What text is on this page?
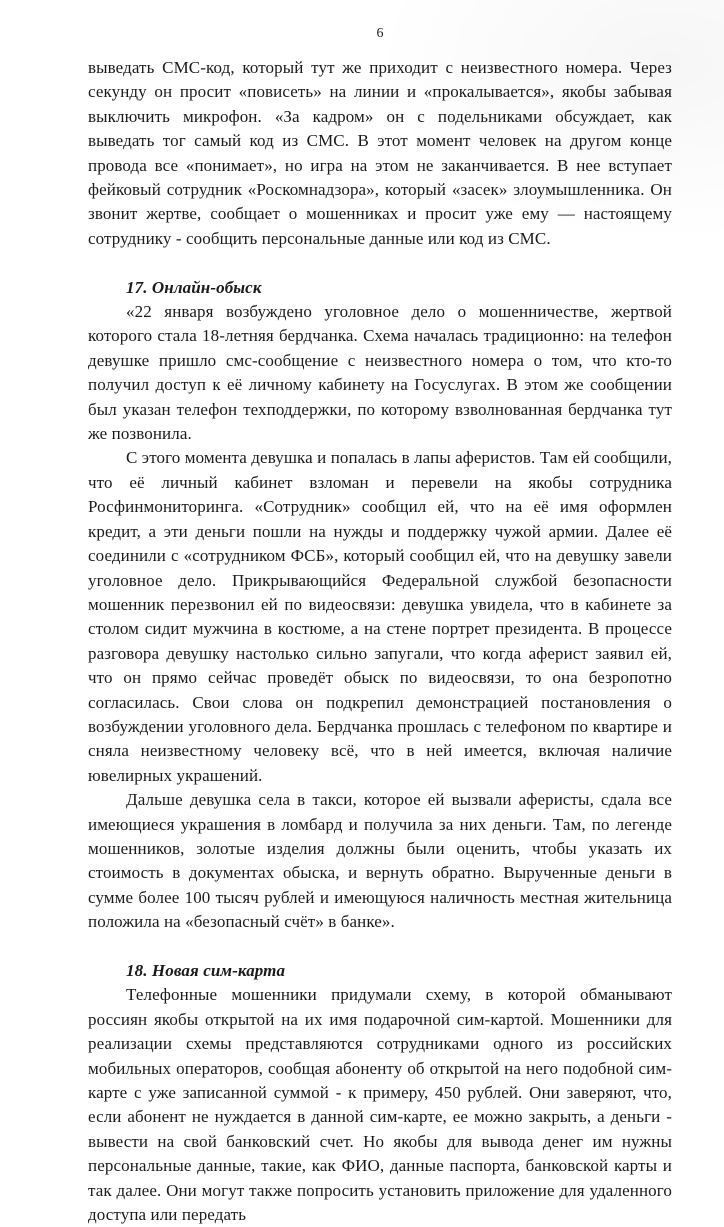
6

выведать СМС-код, который тут же приходит с неизвестного номера. Через секунду он просит «повисеть» на линии и «прокалывается», якобы забывая выключить микрофон. «За кадром» он с подельниками обсуждает, как выведать тог самый код из СМС. В этот момент человек на другом конце провода все «понимает», но игра на этом не заканчивается. В нее вступает фейковый сотрудник «Роскомнадзора», который «засек» злоумышленника. Он звонит жертве, сообщает о мошенниках и просит уже ему — настоящему сотруднику - сообщить персональные данные или код из СМС.

17. Онлайн-обыск

«22 января возбуждено уголовное дело о мошенничестве, жертвой которого стала 18-летняя бердчанка. Схема началась традиционно: на телефон девушке пришло смс-сообщение с неизвестного номера о том, что кто-то получил доступ к её личному кабинету на Госуслугах. В этом же сообщении был указан телефон техподдержки, по которому взволнованная бердчанка тут же позвонила.

С этого момента девушка и попалась в лапы аферистов. Там ей сообщили, что её личный кабинет взломан и перевели на якобы сотрудника Росфинмониторинга. «Сотрудник» сообщил ей, что на её имя оформлен кредит, а эти деньги пошли на нужды и поддержку чужой армии. Далее её соединили с «сотрудником ФСБ», который сообщил ей, что на девушку завели уголовное дело. Прикрывающийся Федеральной службой безопасности мошенник перезвонил ей по видеосвязи: девушка увидела, что в кабинете за столом сидит мужчина в костюме, а на стене портрет президента. В процессе разговора девушку настолько сильно запугали, что когда аферист заявил ей, что он прямо сейчас проведёт обыск по видеосвязи, то она безропотно согласилась. Свои слова он подкрепил демонстрацией постановления о возбуждении уголовного дела. Бердчанка прошлась с телефоном по квартире и сняла неизвестному человеку всё, что в ней имеется, включая наличие ювелирных украшений.

Дальше девушка села в такси, которое ей вызвали аферисты, сдала все имеющиеся украшения в ломбард и получила за них деньги. Там, по легенде мошенников, золотые изделия должны были оценить, чтобы указать их стоимость в документах обыска, и вернуть обратно. Вырученные деньги в сумме более 100 тысяч рублей и имеющуюся наличность местная жительница положила на «безопасный счёт» в банке».

18. Новая сим-карта

Телефонные мошенники придумали схему, в которой обманывают россиян якобы открытой на их имя подарочной сим-картой. Мошенники для реализации схемы представляются сотрудниками одного из российских мобильных операторов, сообщая абоненту об открытой на него подобной сим-карте с уже записанной суммой - к примеру, 450 рублей. Они заверяют, что, если абонент не нуждается в данной сим-карте, ее можно закрыть, а деньги - вывести на свой банковский счет. Но якобы для вывода денег им нужны персональные данные, такие, как ФИО, данные паспорта, банковской карты и так далее. Они могут также попросить установить приложение для удаленного доступа или передать
